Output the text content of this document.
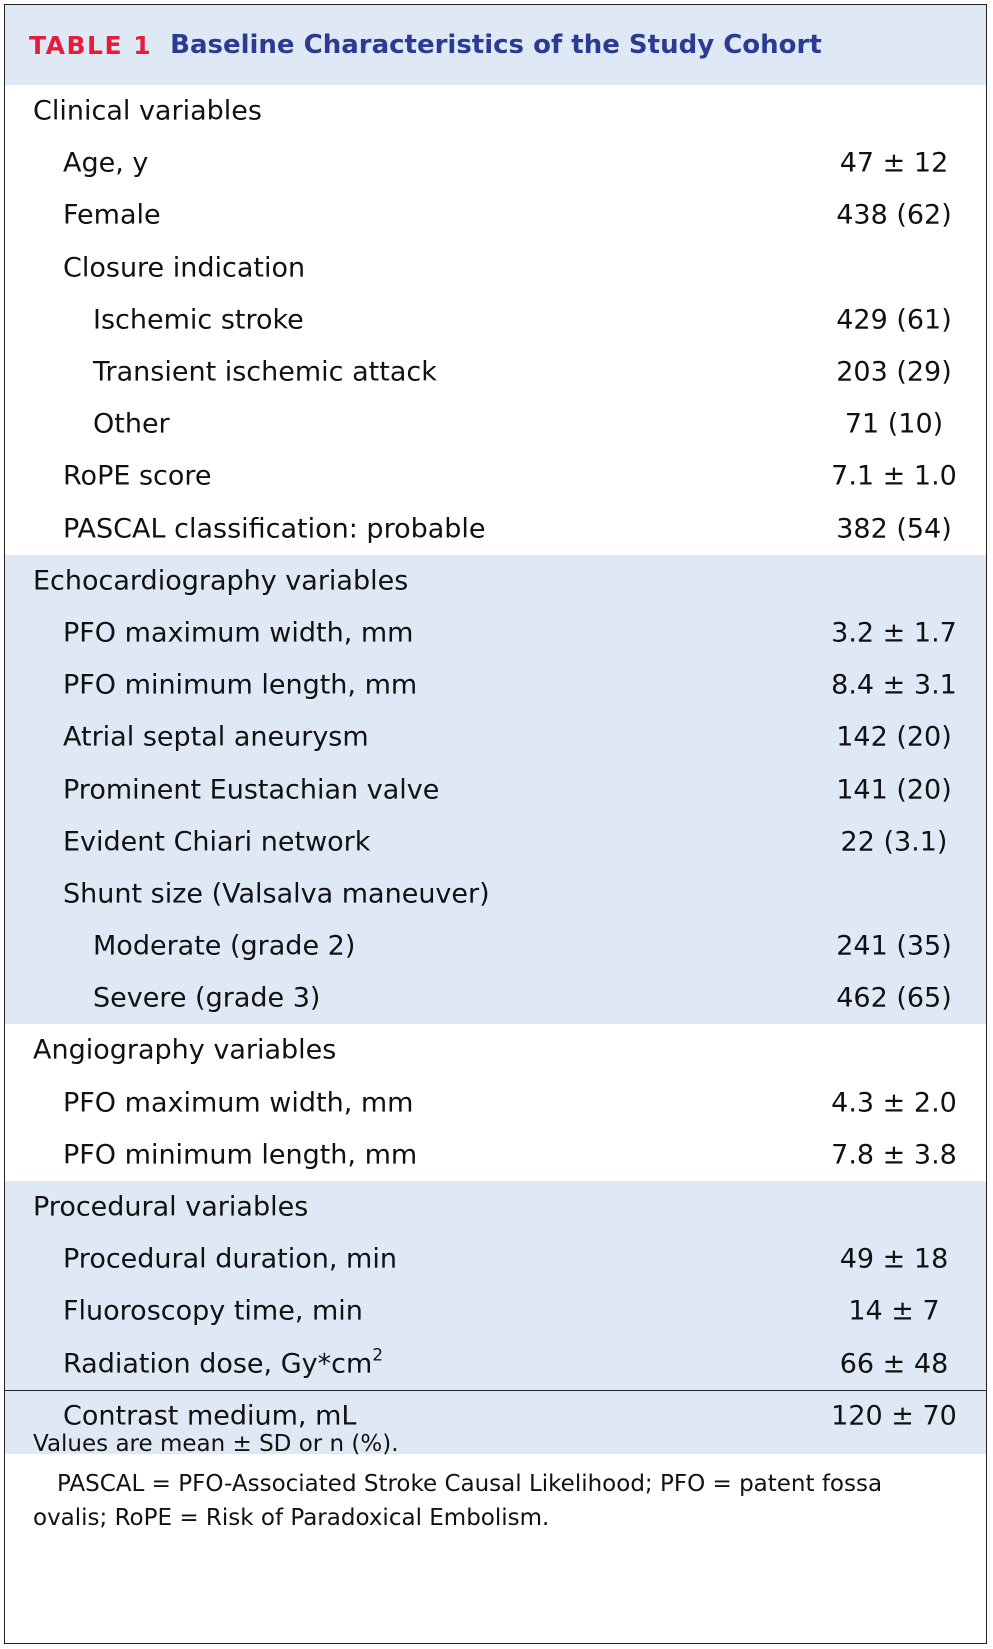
TABLE 1 Baseline Characteristics of the Study Cohort
Clinical variables
Age, y	47 ± 12
Female	438 (62)
Closure indication
Ischemic stroke	429 (61)
Transient ischemic attack	203 (29)
Other	71 (10)
RoPE score	7.1 ± 1.0
PASCAL classification: probable	382 (54)
Echocardiography variables
PFO maximum width, mm	3.2 ± 1.7
PFO minimum length, mm	8.4 ± 3.1
Atrial septal aneurysm	142 (20)
Prominent Eustachian valve	141 (20)
Evident Chiari network	22 (3.1)
Shunt size (Valsalva maneuver)
Moderate (grade 2)	241 (35)
Severe (grade 3)	462 (65)
Angiography variables
PFO maximum width, mm	4.3 ± 2.0
PFO minimum length, mm	7.8 ± 3.8
Procedural variables
Procedural duration, min	49 ± 18
Fluoroscopy time, min	14 ± 7
Radiation dose, $Gy*cm^2$	66 ± 48
Contrast medium, mL	120 ± 70
Values are mean ± SD or n (%).
PASCAL = PFO-Associated Stroke Causal Likelihood; PFO = patent fossa ovalis; RoPE = Risk of Paradoxical Embolism.
